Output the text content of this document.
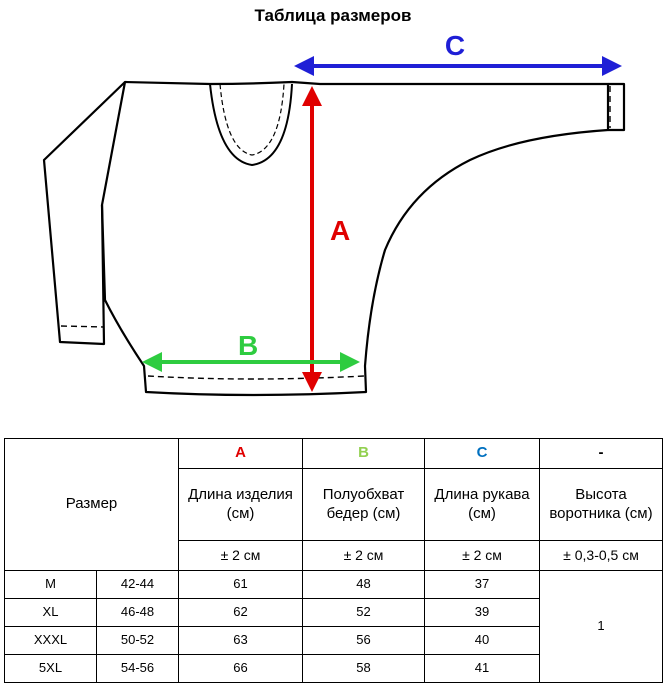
Таблица размеров
C
A
B
Размер		A	B	C	-
		Длина изделия (см)	Полуобхват бедер (см)	Длина рукава (см)	Высота воротника (см)
		± 2 см	± 2 см	± 2 см	± 0,3-0,5 см
M	42-44	61	48	37	1
XL	46-48	62	52	39	
XXXL	50-52	63	56	40	
5XL	54-56	66	58	41	
